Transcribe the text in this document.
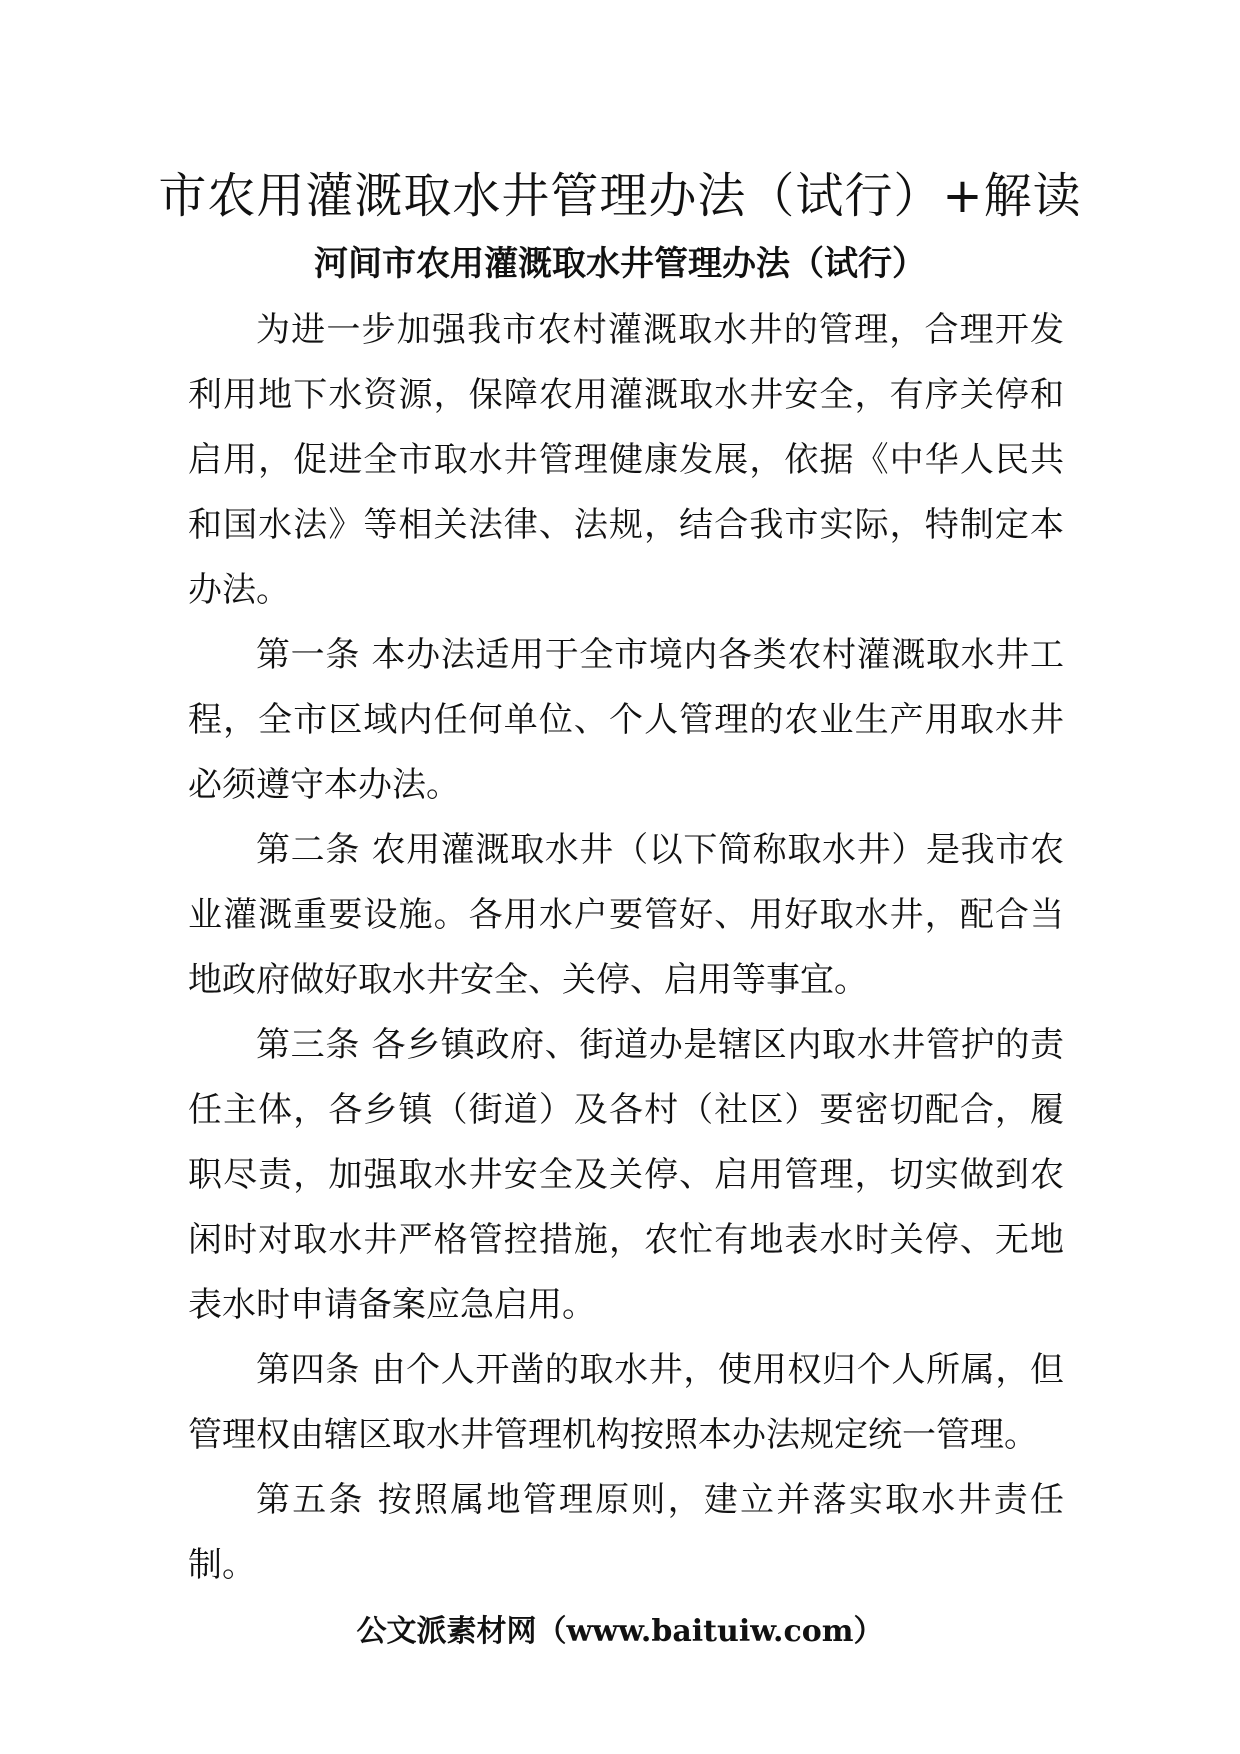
市农用灌溉取水井管理办法（试行）+解读
河间市农用灌溉取水井管理办法（试行）

为进一步加强我市农村灌溉取水井的管理，合理开发利用地下水资源，保障农用灌溉取水井安全，有序关停和启用，促进全市取水井管理健康发展，依据《中华人民共和国水法》等相关法律、法规，结合我市实际，特制定本办法。

第一条 本办法适用于全市境内各类农村灌溉取水井工程，全市区域内任何单位、个人管理的农业生产用取水井必须遵守本办法。

第二条 农用灌溉取水井（以下简称取水井）是我市农业灌溉重要设施。各用水户要管好、用好取水井，配合当地政府做好取水井安全、关停、启用等事宜。

第三条 各乡镇政府、街道办是辖区内取水井管护的责任主体，各乡镇（街道）及各村（社区）要密切配合，履职尽责，加强取水井安全及关停、启用管理，切实做到农闲时对取水井严格管控措施，农忙有地表水时关停、无地表水时申请备案应急启用。

第四条 由个人开凿的取水井，使用权归个人所属，但管理权由辖区取水井管理机构按照本办法规定统一管理。

第五条 按照属地管理原则，建立并落实取水井责任制。

公文派素材网（www.baituiw.com）
